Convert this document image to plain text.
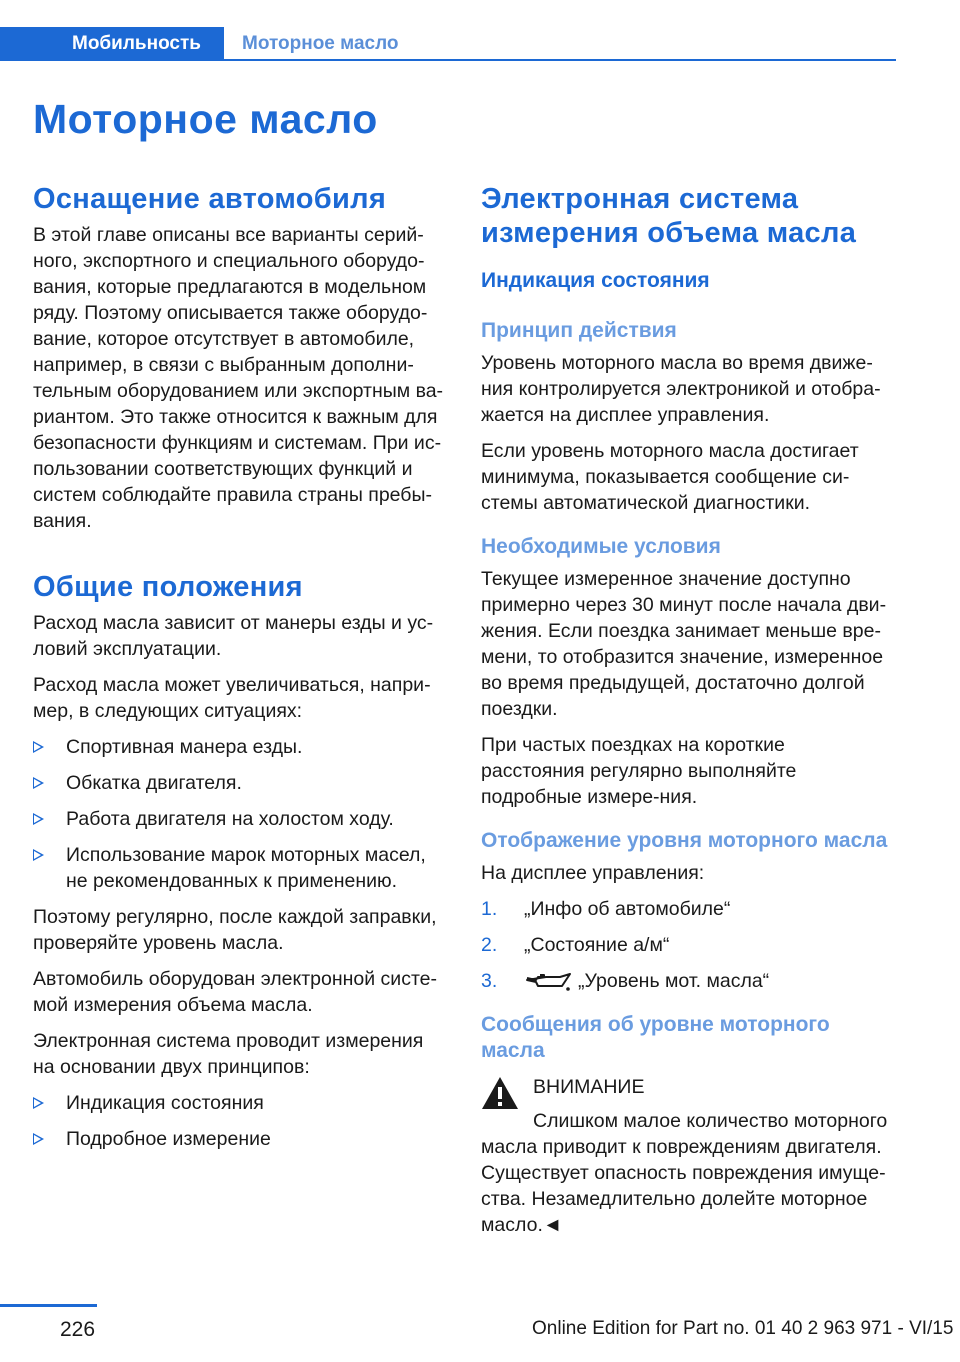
Мобильность	Моторное масло
Моторное масло
Оснащение автомобиля

В этой главе описаны все варианты серий-ного, экспортного и специального оборудо-вания, которые предлагаются в модельном ряду. Поэтому описывается также оборудо-вание, которое отсутствует в автомобиле, например, в связи с выбранным дополни-тельным оборудованием или экспортным ва-риантом. Это также относится к важным для безопасности функциям и системам. При ис-пользовании соответствующих функций и систем соблюдайте правила страны пребы-вания.

Общие положения

Расход масла зависит от манеры езды и ус-ловий эксплуатации.

Расход масла может увеличиваться, напри-мер, в следующих ситуациях:

Спортивная манера езды.
Обкатка двигателя.
Работа двигателя на холостом ходу.
Использование марок моторных масел, не рекомендованных к применению.

Поэтому регулярно, после каждой заправки, проверяйте уровень масла.

Автомобиль оборудован электронной систе-мой измерения объема масла.

Электронная система проводит измерения на основании двух принципов:

Индикация состояния
Подробное измерение
Электронная система измерения объема масла
Индикация состояния
Принцип действия

Уровень моторного масла во время движе-ния контролируется электроникой и отобра-жается на дисплее управления.

Если уровень моторного масла достигает минимума, показывается сообщение си-стемы автоматической диагностики.

Необходимые условия

Текущее измеренное значение доступно примерно через 30 минут после начала дви-жения. Если поездка занимает меньше вре-мени, то отобразится значение, измеренное во время предыдущей, достаточно долгой поездки.

При частых поездках на короткие расстояния регулярно выполняйте подробные измере-ния.

Отображение уровня моторного масла

На дисплее управления:

1. „Инфо об автомобиле“
2. „Состояние а/м“
3.	„Уровень мот. масла“
Сообщения об уровне моторного масла
ВНИМАНИЕ

Слишком малое количество моторного

масла приводит к повреждениям двигателя. Существует опасность повреждения имуще-ства. Незамедлительно долейте моторное масло.◄

226	Online Edition for Part no. 01 40 2 963 971 - VI/15
